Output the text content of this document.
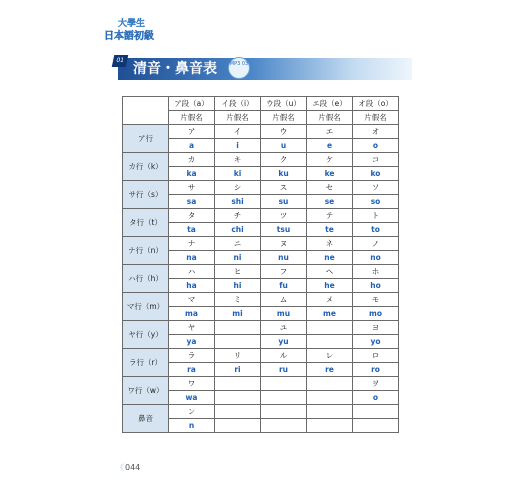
大學生
日本語初級
01
清音・鼻音表	MP3 03
	ア段（a）	イ段（i）	ウ段（u）	エ段（e）	オ段（o）
	片假名	片假名	片假名	片假名	片假名
ア行	ア	イ	ウ	エ	オ
	a	i	u	e	o
カ行（k）	カ	キ	ク	ケ	コ
	ka	ki	ku	ke	ko
サ行（s）	サ	シ	ス	セ	ソ
	sa	shi	su	se	so
タ行（t）	タ	チ	ツ	テ	ト
	ta	chi	tsu	te	to
ナ行（n）	ナ	ニ	ヌ	ネ	ノ
	na	ni	nu	ne	no
ハ行（h）	ハ	ヒ	フ	ヘ	ホ
	ha	hi	fu	he	ho
マ行（m）	マ	ミ	ム	メ	モ
	ma	mi	mu	me	mo
ヤ行（y）	ヤ		ユ		ヨ
	ya		yu		yo
ラ行（r）	ラ	リ	ル	レ	ロ
	ra	ri	ru	re	ro
ワ行（w）	ワ				ヲ
	wa				o
鼻音	ン				
	n				
《044
